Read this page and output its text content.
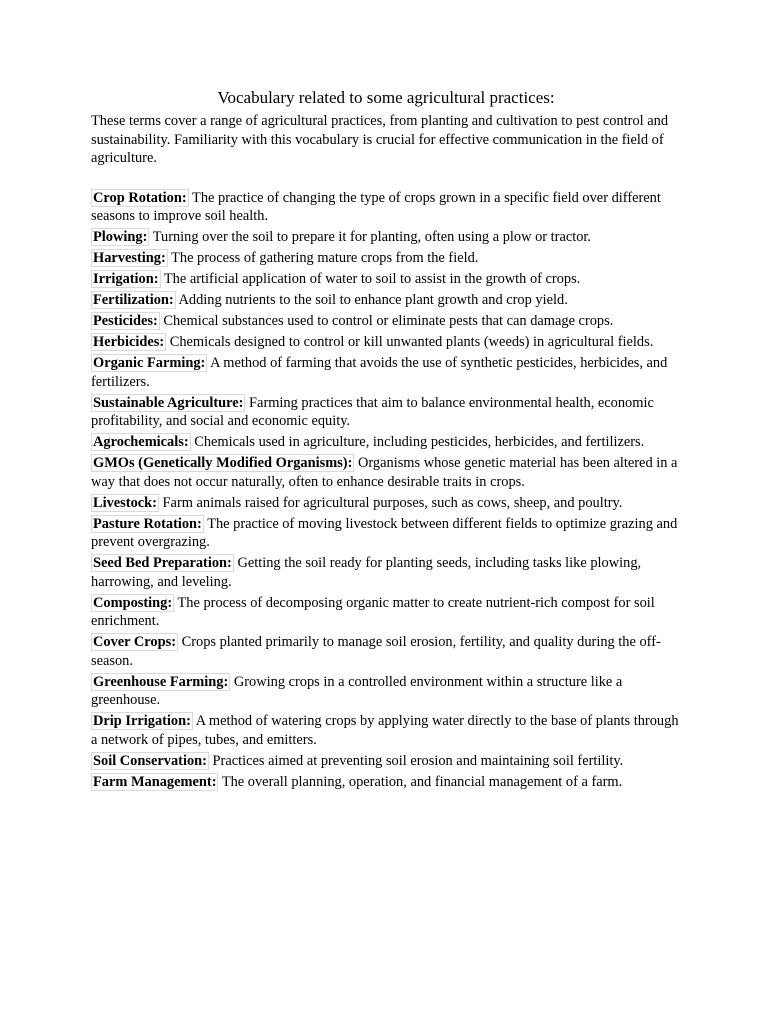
Vocabulary related to some agricultural practices:

These terms cover a range of agricultural practices, from planting and cultivation to pest control and sustainability. Familiarity with this vocabulary is crucial for effective communication in the field of agriculture.

Crop Rotation: The practice of changing the type of crops grown in a specific field over different seasons to improve soil health.

Plowing: Turning over the soil to prepare it for planting, often using a plow or tractor.

Harvesting: The process of gathering mature crops from the field.

Irrigation: The artificial application of water to soil to assist in the growth of crops.

Fertilization: Adding nutrients to the soil to enhance plant growth and crop yield.

Pesticides: Chemical substances used to control or eliminate pests that can damage crops.

Herbicides: Chemicals designed to control or kill unwanted plants (weeds) in agricultural fields.

Organic Farming: A method of farming that avoids the use of synthetic pesticides, herbicides, and fertilizers.

Sustainable Agriculture: Farming practices that aim to balance environmental health, economic profitability, and social and economic equity.

Agrochemicals: Chemicals used in agriculture, including pesticides, herbicides, and fertilizers.

GMOs (Genetically Modified Organisms): Organisms whose genetic material has been altered in a way that does not occur naturally, often to enhance desirable traits in crops.

Livestock: Farm animals raised for agricultural purposes, such as cows, sheep, and poultry.

Pasture Rotation: The practice of moving livestock between different fields to optimize grazing and prevent overgrazing.

Seed Bed Preparation: Getting the soil ready for planting seeds, including tasks like plowing, harrowing, and leveling.

Composting: The process of decomposing organic matter to create nutrient-rich compost for soil enrichment.

Cover Crops: Crops planted primarily to manage soil erosion, fertility, and quality during the off-season.

Greenhouse Farming: Growing crops in a controlled environment within a structure like a greenhouse.

Drip Irrigation: A method of watering crops by applying water directly to the base of plants through a network of pipes, tubes, and emitters.

Soil Conservation: Practices aimed at preventing soil erosion and maintaining soil fertility.

Farm Management: The overall planning, operation, and financial management of a farm.
